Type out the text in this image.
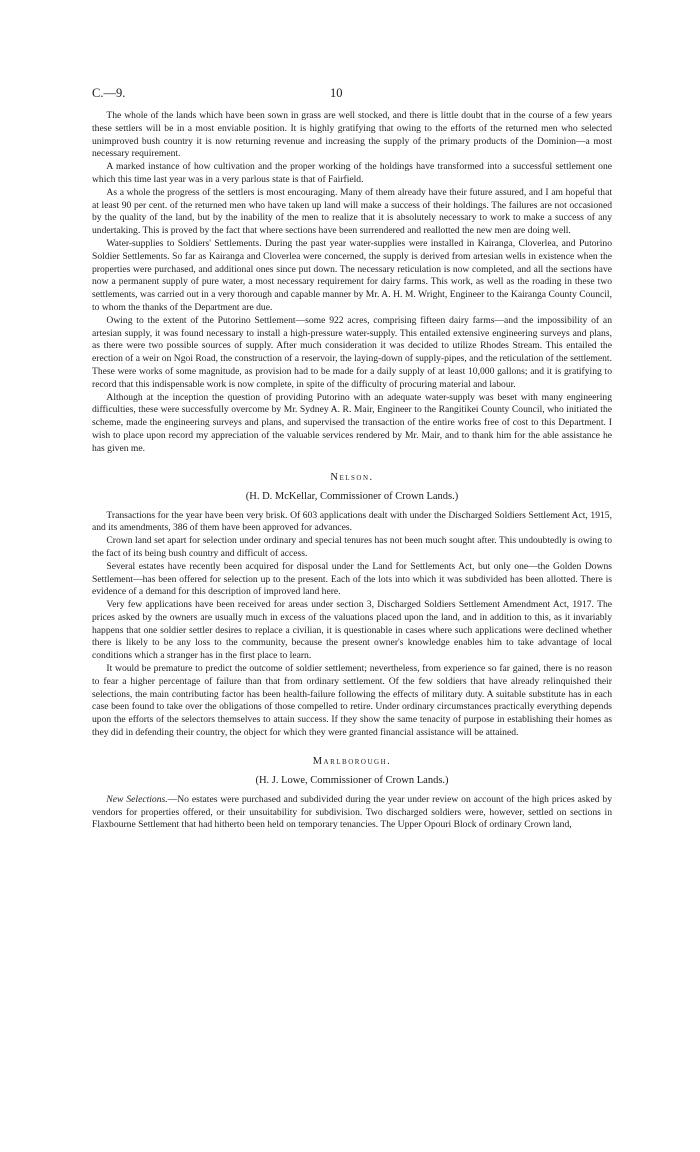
C.—9.	10

The whole of the lands which have been sown in grass are well stocked, and there is little doubt that in the course of a few years these settlers will be in a most enviable position. It is highly gratifying that owing to the efforts of the returned men who selected unimproved bush country it is now returning revenue and increasing the supply of the primary products of the Dominion—a most necessary requirement.

A marked instance of how cultivation and the proper working of the holdings have transformed into a successful settlement one which this time last year was in a very parlous state is that of Fairfield.

As a whole the progress of the settlers is most encouraging. Many of them already have their future assured, and I am hopeful that at least 90 per cent. of the returned men who have taken up land will make a success of their holdings. The failures are not occasioned by the quality of the land, but by the inability of the men to realize that it is absolutely necessary to work to make a success of any undertaking. This is proved by the fact that where sections have been surrendered and reallotted the new men are doing well.

Water-supplies to Soldiers' Settlements. During the past year water-supplies were installed in Kairanga, Cloverlea, and Putorino Soldier Settlements. So far as Kairanga and Cloverlea were concerned, the supply is derived from artesian wells in existence when the properties were purchased, and additional ones since put down. The necessary reticulation is now completed, and all the sections have now a permanent supply of pure water, a most necessary requirement for dairy farms. This work, as well as the roading in these two settlements, was carried out in a very thorough and capable manner by Mr. A. H. M. Wright, Engineer to the Kairanga County Council, to whom the thanks of the Department are due.

Owing to the extent of the Putorino Settlement—some 922 acres, comprising fifteen dairy farms—and the impossibility of an artesian supply, it was found necessary to install a high-pressure water-supply. This entailed extensive engineering surveys and plans, as there were two possible sources of supply. After much consideration it was decided to utilize Rhodes Stream. This entailed the erection of a weir on Ngoi Road, the construction of a reservoir, the laying-down of supply-pipes, and the reticulation of the settlement. These were works of some magnitude, as provision had to be made for a daily supply of at least 10,000 gallons; and it is gratifying to record that this indispensable work is now complete, in spite of the difficulty of procuring material and labour.

Although at the inception the question of providing Putorino with an adequate water-supply was beset with many engineering difficulties, these were successfully overcome by Mr. Sydney A. R. Mair, Engineer to the Rangitikei County Council, who initiated the scheme, made the engineering surveys and plans, and supervised the transaction of the entire works free of cost to this Department. I wish to place upon record my appreciation of the valuable services rendered by Mr. Mair, and to thank him for the able assistance he has given me.

Nelson.
(H. D. McKellar, Commissioner of Crown Lands.)

Transactions for the year have been very brisk. Of 603 applications dealt with under the Discharged Soldiers Settlement Act, 1915, and its amendments, 386 of them have been approved for advances.

Crown land set apart for selection under ordinary and special tenures has not been much sought after. This undoubtedly is owing to the fact of its being bush country and difficult of access.

Several estates have recently been acquired for disposal under the Land for Settlements Act, but only one—the Golden Downs Settlement—has been offered for selection up to the present. Each of the lots into which it was subdivided has been allotted. There is evidence of a demand for this description of improved land here.

Very few applications have been received for areas under section 3, Discharged Soldiers Settlement Amendment Act, 1917. The prices asked by the owners are usually much in excess of the valuations placed upon the land, and in addition to this, as it invariably happens that one soldier settler desires to replace a civilian, it is questionable in cases where such applications were declined whether there is likely to be any loss to the community, because the present owner's knowledge enables him to take advantage of local conditions which a stranger has in the first place to learn.

It would be premature to predict the outcome of soldier settlement; nevertheless, from experience so far gained, there is no reason to fear a higher percentage of failure than that from ordinary settlement. Of the few soldiers that have already relinquished their selections, the main contributing factor has been health-failure following the effects of military duty. A suitable substitute has in each case been found to take over the obligations of those compelled to retire. Under ordinary circumstances practically everything depends upon the efforts of the selectors themselves to attain success. If they show the same tenacity of purpose in establishing their homes as they did in defending their country, the object for which they were granted financial assistance will be attained.

Marlborough.
(H. J. Lowe, Commissioner of Crown Lands.)

New Selections.—No estates were purchased and subdivided during the year under review on account of the high prices asked by vendors for properties offered, or their unsuitability for subdivision. Two discharged soldiers were, however, settled on sections in Flaxbourne Settlement that had hitherto been held on temporary tenancies. The Upper Opouri Block of ordinary Crown land,
